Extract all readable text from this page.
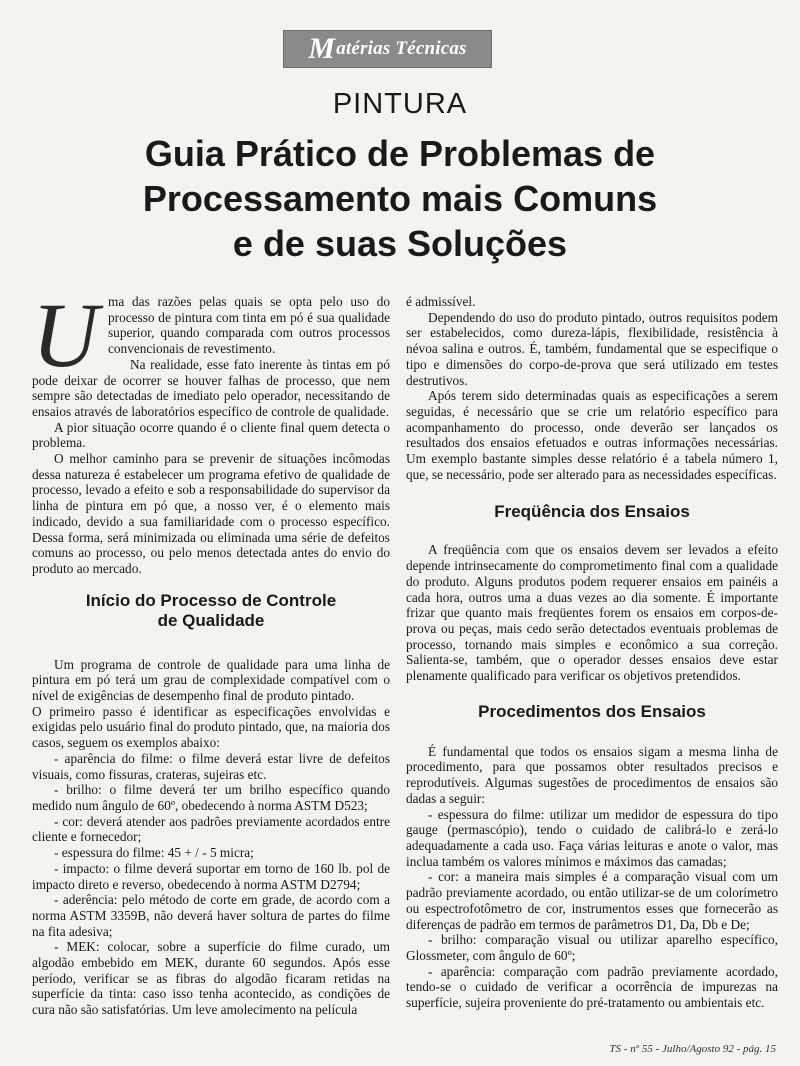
M atérias Técnicas
PINTURA
Guia Prático de Problemas de
Processamento mais Comuns
e de suas Soluções
U ma das razões pelas quais se opta pelo uso do processo de pintura com tinta em pó é sua qualidade superior, quando comparada com outros processos convencionais de revestimento.

Na realidade, esse fato inerente às tintas em pó pode deixar de ocorrer se houver falhas de processo, que nem sempre são detectadas de imediato pelo operador, necessitando de ensaios através de laboratórios específico de controle de qualidade.

A pior situação ocorre quando é o cliente final quem detecta o problema.

O melhor caminho para se prevenir de situações incômodas dessa natureza é estabelecer um programa efetivo de qualidade de processo, levado a efeito e sob a responsabilidade do supervisor da linha de pintura em pó que, a nosso ver, é o elemento mais indicado, devido a sua familiaridade com o processo específico. Dessa forma, será minimizada ou eliminada uma série de defeitos comuns ao processo, ou pelo menos detectada antes do envio do produto ao mercado.

Início do Processo de Controle
de Qualidade

Um programa de controle de qualidade para uma linha de pintura em pó terá um grau de complexidade compatível com o nível de exigências de desempenho final de produto pintado.

O primeiro passo é identificar as especificações envolvidas e exigidas pelo usuário final do produto pintado, que, na maioria dos casos, seguem os exemplos abaixo:

- aparência do filme: o filme deverá estar livre de defeitos visuais, como fissuras, crateras, sujeiras etc.

- brilho: o filme deverá ter um brilho específico quando medido num ângulo de 60º, obedecendo à norma ASTM D523;

- cor: deverá atender aos padrões previamente acordados entre cliente e fornecedor;

- espessura do filme: 45 + / - 5 micra;

- impacto: o filme deverá suportar em torno de 160 lb. pol de impacto direto e reverso, obedecendo à norma ASTM D2794;

- aderência: pelo método de corte em grade, de acordo com a norma ASTM 3359B, não deverá haver soltura de partes do filme na fita adesiva;

- MEK: colocar, sobre a superfície do filme curado, um algodão embebido em MEK, durante 60 segundos. Após esse período, verificar se as fibras do algodão ficaram retidas na superfície da tinta: caso isso tenha acontecido, as condições de cura não são satisfatórias. Um leve amolecimento na película

é admissível.

Dependendo do uso do produto pintado, outros requisitos podem ser estabelecidos, como dureza-lápis, flexibilidade, resistência à névoa salina e outros. É, também, fundamental que se especifique o tipo e dimensões do corpo-de-prova que será utilizado em testes destrutivos.

Após terem sido determinadas quais as especificações a serem seguidas, é necessário que se crie um relatório específico para acompanhamento do processo, onde deverão ser lançados os resultados dos ensaios efetuados e outras informações necessárias. Um exemplo bastante simples desse relatório é a tabela número 1, que, se necessário, pode ser alterado para as necessidades específicas.

Freqüência dos Ensaios

A freqüência com que os ensaios devem ser levados a efeito depende intrinsecamente do comprometimento final com a qualidade do produto. Alguns produtos podem requerer ensaios em painéis a cada hora, outros uma a duas vezes ao dia somente. É importante frizar que quanto mais freqüentes forem os ensaios em corpos-de-prova ou peças, mais cedo serão detectados eventuais problemas de processo, tornando mais simples e econômico a sua correção. Salienta-se, também, que o operador desses ensaios deve estar plenamente qualificado para verificar os objetivos pretendidos.

Procedimentos dos Ensaios

É fundamental que todos os ensaios sigam a mesma linha de procedimento, para que possamos obter resultados precisos e reprodutíveis. Algumas sugestões de procedimentos de ensaios são dadas a seguir:

- espessura do filme: utilizar um medidor de espessura do tipo gauge (permascópio), tendo o cuidado de calibrá-lo e zerá-lo adequadamente a cada uso. Faça várias leituras e anote o valor, mas inclua também os valores mínimos e máximos das camadas;

- cor: a maneira mais simples é a comparação visual com um padrão previamente acordado, ou então utilizar-se de um colorímetro ou espectrofotômetro de cor, instrumentos esses que fornecerão as diferenças de padrão em termos de parâmetros D1, Da, Db e De;

- brilho: comparação visual ou utilizar aparelho específico, Glossmeter, com ângulo de 60º;

- aparência: comparação com padrão previamente acordado, tendo-se o cuidado de verificar a ocorrência de impurezas na superfície, sujeira proveniente do pré-tratamento ou ambientais etc.

TS - nº 55 - Julho/Agosto 92 - pág. 15
